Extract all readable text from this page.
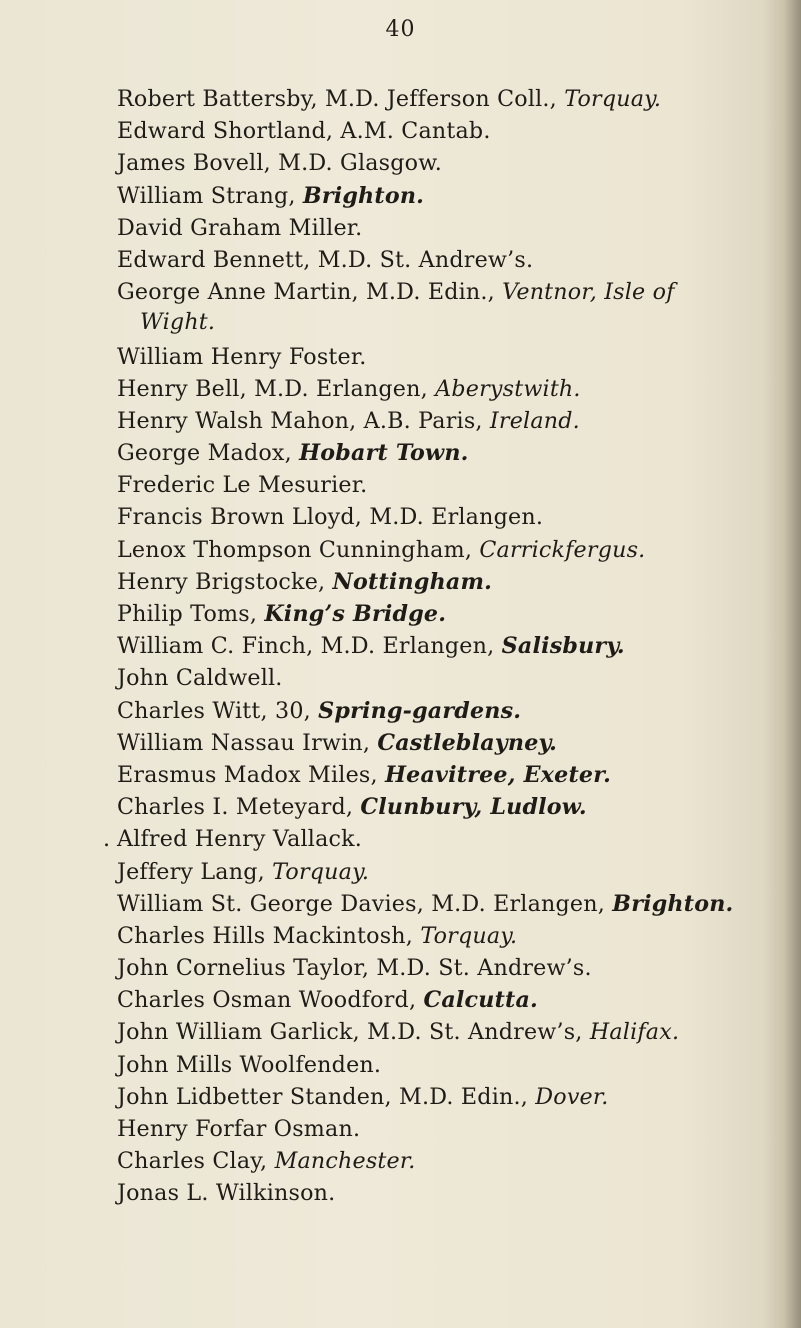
40
Robert Battersby, M.D. Jefferson Coll., Torquay.
Edward Shortland, A.M. Cantab.
James Bovell, M.D. Glasgow.
William Strang, Brighton.
David Graham Miller.
Edward Bennett, M.D. St. Andrew’s.
George Anne Martin, M.D. Edin., Ventnor, Isle of
Wight.
William Henry Foster.
Henry Bell, M.D. Erlangen, Aberystwith.
Henry Walsh Mahon, A.B. Paris, Ireland.
George Madox, Hobart Town.
Frederic Le Mesurier.
Francis Brown Lloyd, M.D. Erlangen.
Lenox Thompson Cunningham, Carrickfergus.
Henry Brigstocke, Nottingham.
Philip Toms, King’s Bridge.
William C. Finch, M.D. Erlangen, Salisbury.
John Caldwell.
Charles Witt, 30, Spring-gardens.
William Nassau Irwin, Castleblayney.
Erasmus Madox Miles, Heavitree, Exeter.
Charles I. Meteyard, Clunbury, Ludlow.
. Alfred Henry Vallack.
Jeffery Lang, Torquay.
William St. George Davies, M.D. Erlangen, Brighton.
Charles Hills Mackintosh, Torquay.
John Cornelius Taylor, M.D. St. Andrew’s.
Charles Osman Woodford, Calcutta.
John William Garlick, M.D. St. Andrew’s, Halifax.
John Mills Woolfenden.
John Lidbetter Standen, M.D. Edin., Dover.
Henry Forfar Osman.
Charles Clay, Manchester.
Jonas L. Wilkinson.
